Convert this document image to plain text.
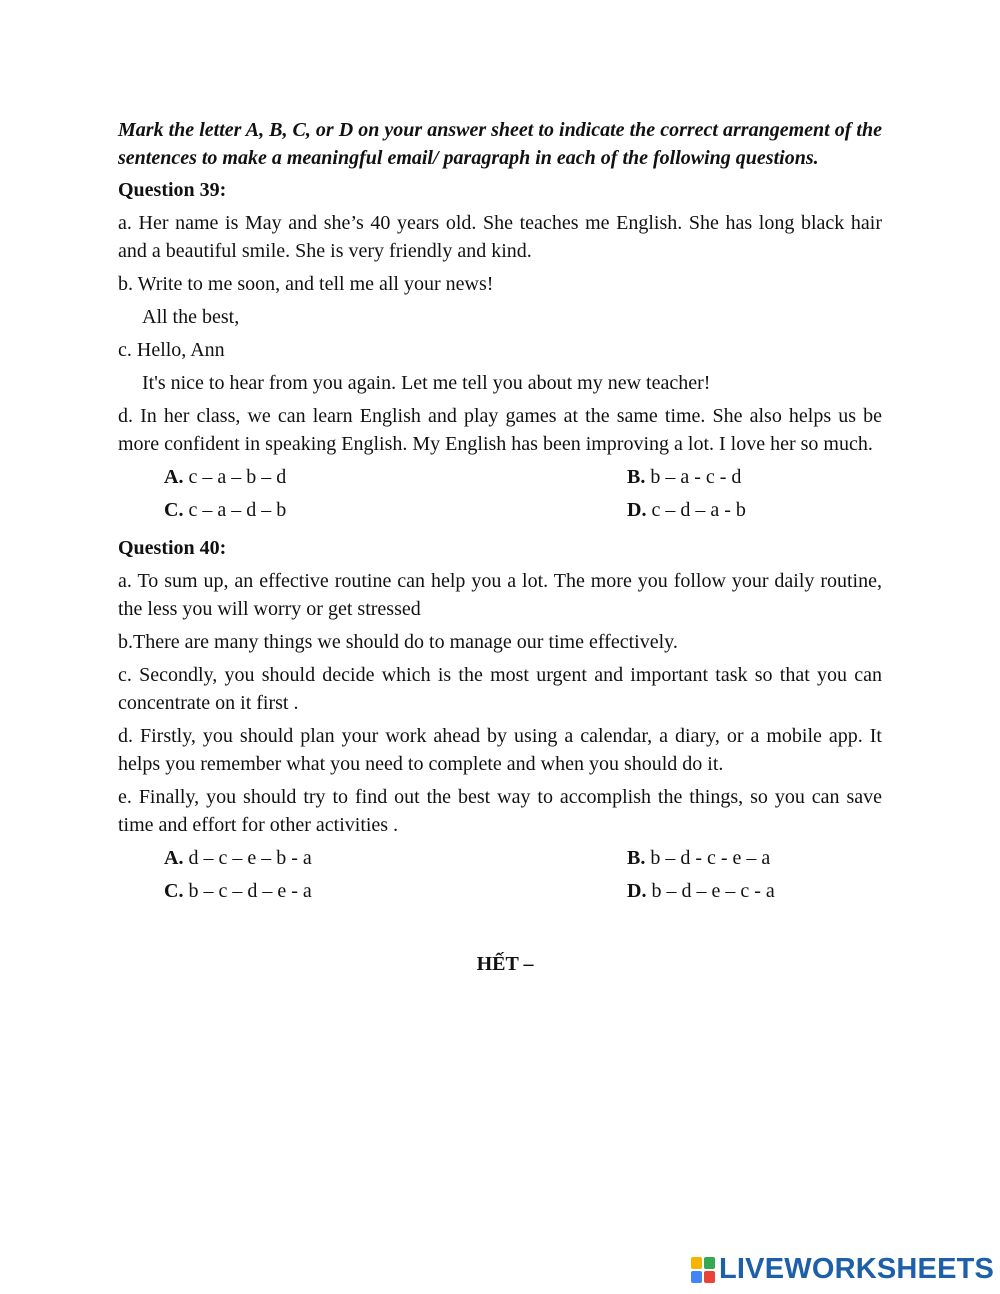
Mark the letter A, B, C, or D on your answer sheet to indicate the correct arrangement of the sentences to make a meaningful email/ paragraph in each of the following questions.

Question 39:

a. Her name is May and she’s 40 years old. She teaches me English. She has long black hair and a beautiful smile. She is very friendly and kind.

b. Write to me soon, and tell me all your news!

All the best,

c. Hello, Ann

It's nice to hear from you again. Let me tell you about my new teacher!

d. In her class, we can learn English and play games at the same time. She also helps us be more confident in speaking English. My English has been improving a lot. I love her so much.

A. c – a – b – d	B. b – a - c - d
C. c – a – d – b	D. c – d – a - b

Question 40:

a. To sum up, an effective routine can help you a lot. The more you follow your daily routine, the less you will worry or get stressed

b.There are many things we should do to manage our time effectively.

c. Secondly, you should decide which is the most urgent and important task so that you can concentrate on it first .

d. Firstly, you should plan your work ahead by using a calendar, a diary, or a mobile app. It helps you remember what you need to complete and when you should do it.

e. Finally, you should try to find out the best way to accomplish the things, so you can save time and effort for other activities .

A. d – c – e – b - a	B. b – d - c - e – a
C. b – c – d – e - a	D. b – d – e – c - a

HẾT –

LIVEWORKSHEETS
